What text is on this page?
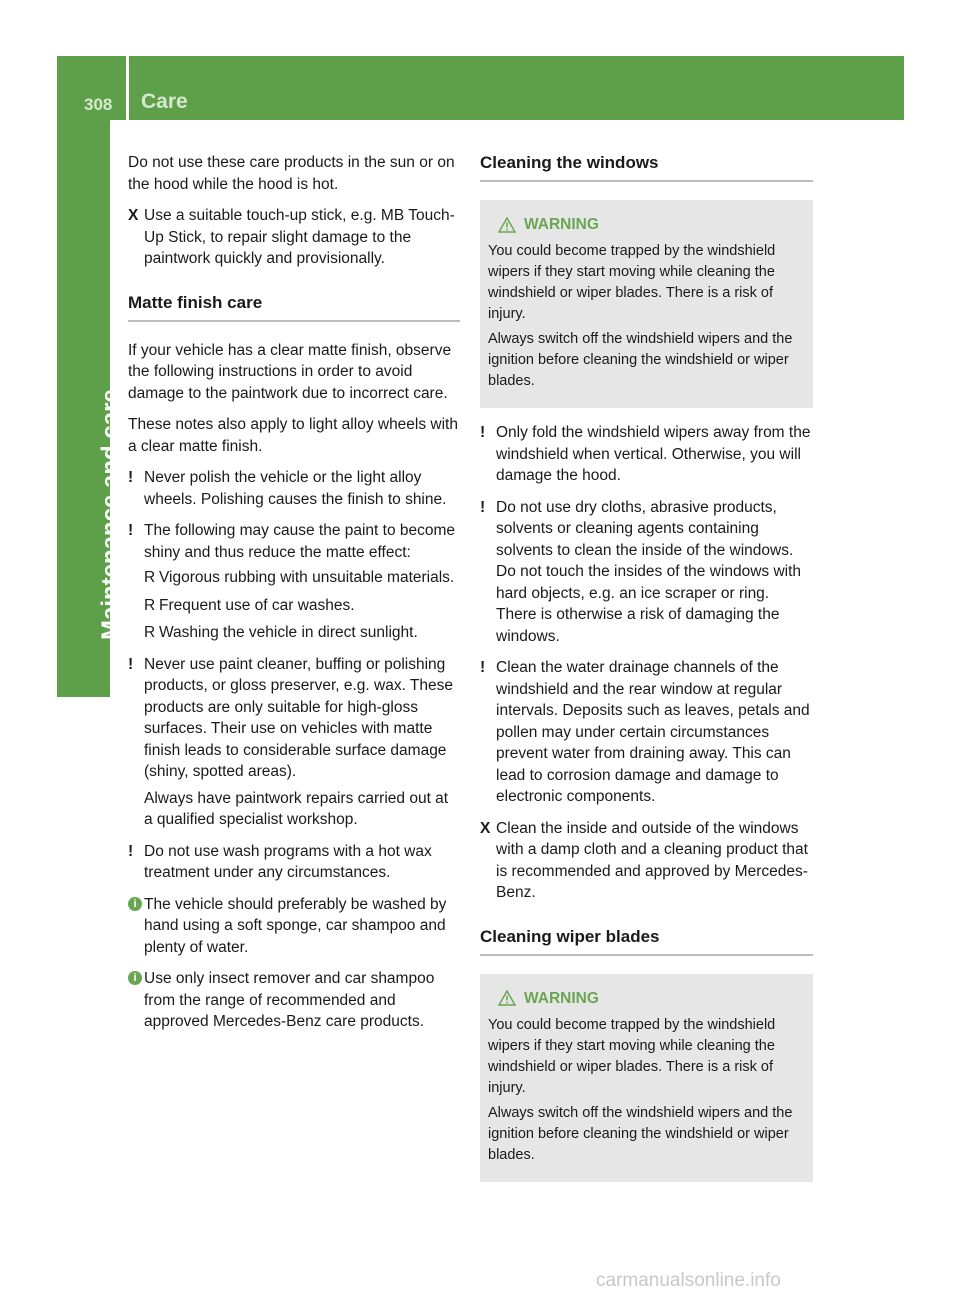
308 Care
Maintenance and care

Do not use these care products in the sun or on the hood while the hood is hot.

X Use a suitable touch-up stick, e.g. MB Touch-Up Stick, to repair slight damage to the paintwork quickly and provisionally.
Matte finish care

If your vehicle has a clear matte finish, observe the following instructions in order to avoid damage to the paintwork due to incorrect care.

These notes also apply to light alloy wheels with a clear matte finish.

! Never polish the vehicle or the light alloy wheels. Polishing causes the finish to shine.
! The following may cause the paint to become shiny and thus reduce the matte effect:
R Vigorous rubbing with unsuitable materials.
R Frequent use of car washes.
R Washing the vehicle in direct sunlight.
! Never use paint cleaner, buffing or polishing products, or gloss preserver, e.g. wax. These products are only suitable for high-gloss surfaces. Their use on vehicles with matte finish leads to considerable surface damage (shiny, spotted areas).
Always have paintwork repairs carried out at a qualified specialist workshop.
! Do not use wash programs with a hot wax treatment under any circumstances.
i The vehicle should preferably be washed by hand using a soft sponge, car shampoo and plenty of water.
i Use only insect remover and car shampoo from the range of recommended and approved Mercedes-Benz care products.
Cleaning the windows
WARNING

You could become trapped by the windshield wipers if they start moving while cleaning the windshield or wiper blades. There is a risk of injury.

Always switch off the windshield wipers and the ignition before cleaning the windshield or wiper blades.

! Only fold the windshield wipers away from the windshield when vertical. Otherwise, you will damage the hood.
! Do not use dry cloths, abrasive products, solvents or cleaning agents containing solvents to clean the inside of the windows. Do not touch the insides of the windows with hard objects, e.g. an ice scraper or ring. There is otherwise a risk of damaging the windows.
! Clean the water drainage channels of the windshield and the rear window at regular intervals. Deposits such as leaves, petals and pollen may under certain circumstances prevent water from draining away. This can lead to corrosion damage and damage to electronic components.
X Clean the inside and outside of the windows with a damp cloth and a cleaning product that is recommended and approved by Mercedes-Benz.
Cleaning wiper blades
WARNING

You could become trapped by the windshield wipers if they start moving while cleaning the windshield or wiper blades. There is a risk of injury.

Always switch off the windshield wipers and the ignition before cleaning the windshield or wiper blades.

carmanualsonline.info
